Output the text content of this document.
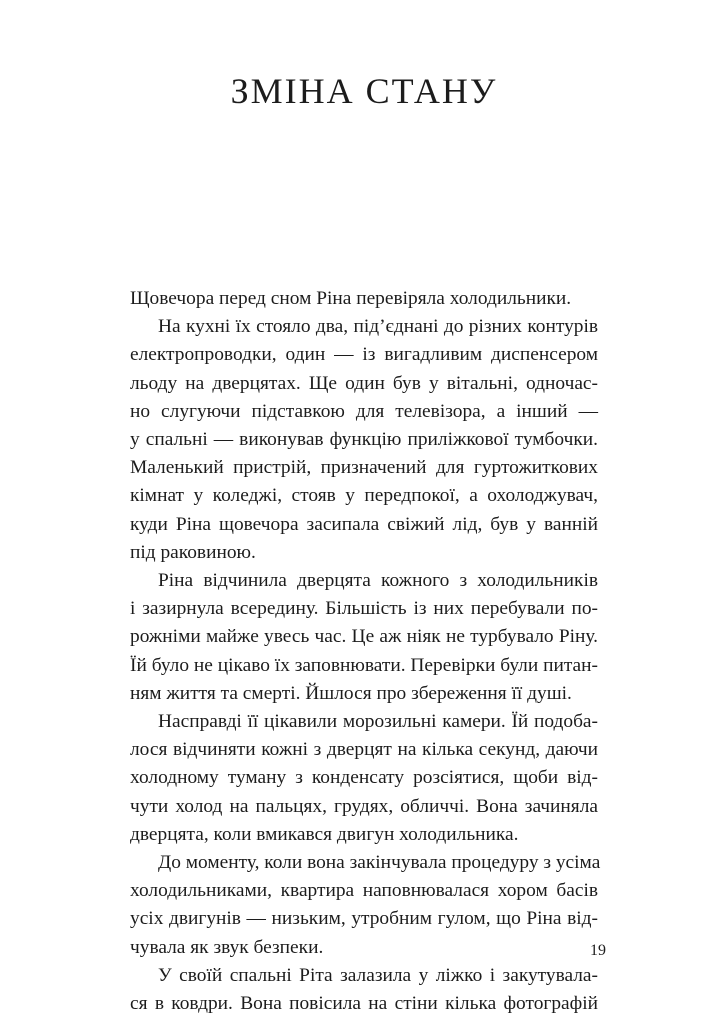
ЗМІНА СТАНУ
Щовечора перед сном Ріна перевіряла холодильники.
На кухні їх стояло два, під’єднані до різних контурів
електропроводки, один — із вигадливим диспенсером
льоду на дверцятах. Ще один був у вітальні, одночас-
но слугуючи підставкою для телевізора, а інший —
у спальні — виконував функцію приліжкової тумбочки.
Маленький пристрій, призначений для гуртожиткових
кімнат у коледжі, стояв у передпокої, а охолоджувач,
куди Ріна щовечора засипала свіжий лід, був у ванній
під раковиною.
Ріна відчинила дверцята кожного з холодильників
і зазирнула всередину. Більшість із них перебували по-
рожніми майже увесь час. Це аж ніяк не турбувало Ріну.
Їй було не цікаво їх заповнювати. Перевірки були питан-
ням життя та смерті. Йшлося про збереження її душі.
Насправді її цікавили морозильні камери. Їй подоба-
лося відчиняти кожні з дверцят на кілька секунд, даючи
холодному туману з конденсату розсіятися, щоби від-
чути холод на пальцях, грудях, обличчі. Вона зачиняла
дверцята, коли вмикався двигун холодильника.
До моменту, коли вона закінчувала процедуру з усіма
холодильниками, квартира наповнювалася хором басів
усіх двигунів — низьким, утробним гулом, що Ріна від-
чувала як звук безпеки.
У своїй спальні Ріта залазила у ліжко і закутувала-
ся в ковдри. Вона повісила на стіни кілька фотографій
19
